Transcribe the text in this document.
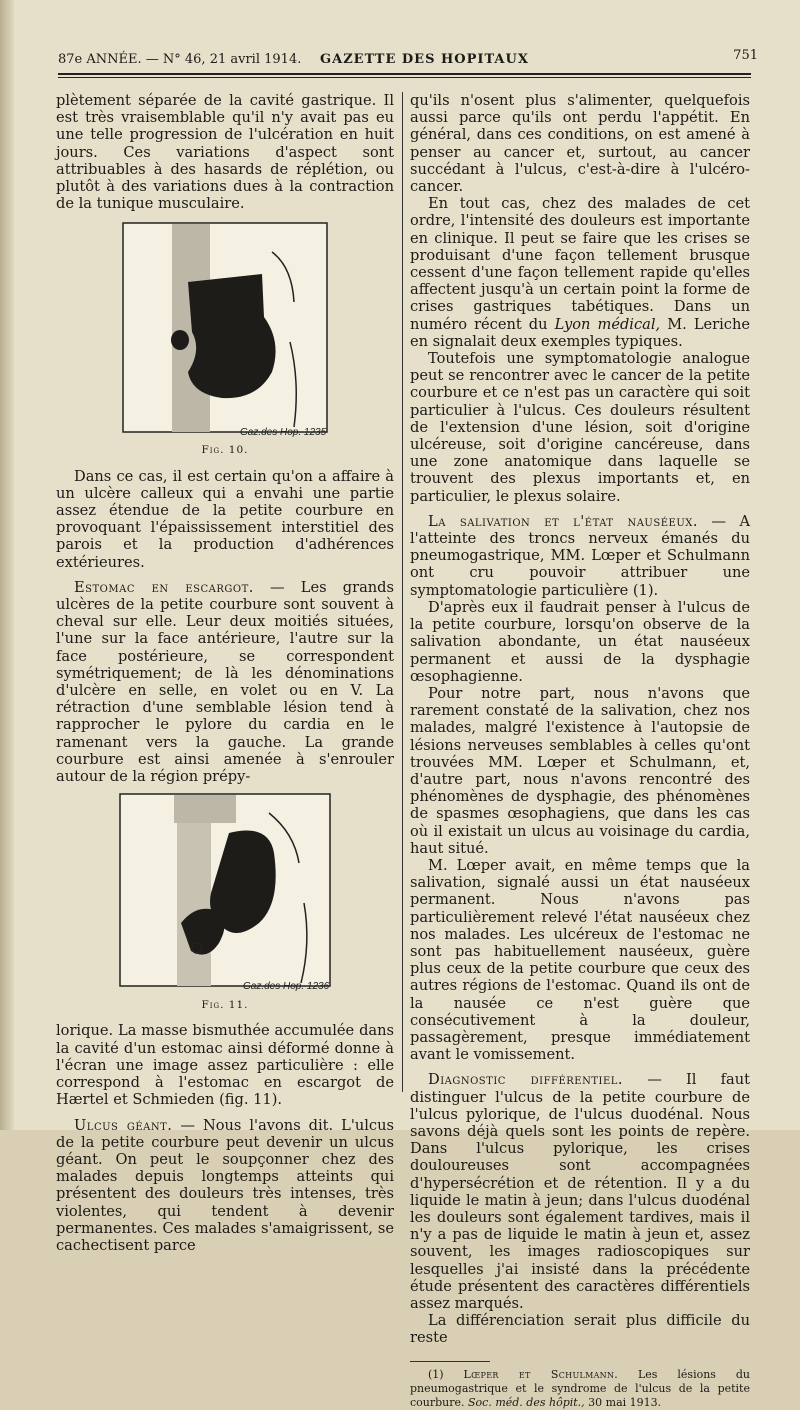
87e ANNÉE. — N° 46, 21 avril 1914. GAZETTE DES HOPITAUX	751

plètement séparée de la cavité gastrique. Il est très vraisemblable qu'il n'y avait pas eu une telle progression de l'ulcération en huit jours. Ces variations d'aspect sont attribuables à des hasards de réplétion, ou plutôt à des variations dues à la contraction de la tunique musculaire.

Gaz.des Hop. 1235
Fig. 10.

Dans ce cas, il est certain qu'on a affaire à un ulcère calleux qui a envahi une partie assez étendue de la petite courbure en provoquant l'épaississement interstitiel des parois et la production d'adhérences extérieures.

Estomac en escargot. — Les grands ulcères de la petite courbure sont souvent à cheval sur elle. Leur deux moitiés situées, l'une sur la face antérieure, l'autre sur la face postérieure, se correspondent symétriquement; de là les dénominations d'ulcère en selle, en volet ou en V. La rétraction d'une semblable lésion tend à rapprocher le pylore du cardia en le ramenant vers la gauche. La grande courbure est ainsi amenée à s'enrouler autour de la région prépy-

Gaz.des Hop. 1236
Fig. 11.

lorique. La masse bismuthée accumulée dans la cavité d'un estomac ainsi déformé donne à l'écran une image assez particulière : elle correspond à l'estomac en escargot de Hærtel et Schmieden (fig. 11).

Ulcus géant. — Nous l'avons dit. L'ulcus de la petite courbure peut devenir un ulcus géant. On peut le soupçonner chez des malades depuis longtemps atteints qui présentent des douleurs très intenses, très violentes, qui tendent à devenir permanentes. Ces malades s'amaigrissent, se cachectisent parce

qu'ils n'osent plus s'alimenter, quelquefois aussi parce qu'ils ont perdu l'appétit. En général, dans ces conditions, on est amené à penser au cancer et, surtout, au cancer succédant à l'ulcus, c'est-à-dire à l'ulcéro-cancer.

En tout cas, chez des malades de cet ordre, l'intensité des douleurs est importante en clinique. Il peut se faire que les crises se produisant d'une façon tellement brusque cessent d'une façon tellement rapide qu'elles affectent jusqu'à un certain point la forme de crises gastriques tabétiques. Dans un numéro récent du Lyon médical, M. Leriche en signalait deux exemples typiques.

Toutefois une symptomatologie analogue peut se rencontrer avec le cancer de la petite courbure et ce n'est pas un caractère qui soit particulier à l'ulcus. Ces douleurs résultent de l'extension d'une lésion, soit d'origine ulcéreuse, soit d'origine cancéreuse, dans une zone anatomique dans laquelle se trouvent des plexus importants et, en particulier, le plexus solaire.

La salivation et l'état nauséeux. — A l'atteinte des troncs nerveux émanés du pneumogastrique, MM. Lœper et Schulmann ont cru pouvoir attribuer une symptomatologie particulière (1).

D'après eux il faudrait penser à l'ulcus de la petite courbure, lorsqu'on observe de la salivation abondante, un état nauséeux permanent et aussi de la dysphagie œsophagienne.

Pour notre part, nous n'avons que rarement constaté de la salivation, chez nos malades, malgré l'existence à l'autopsie de lésions nerveuses semblables à celles qu'ont trouvées MM. Lœper et Schulmann, et, d'autre part, nous n'avons rencontré des phénomènes de dysphagie, des phénomènes de spasmes œsophagiens, que dans les cas où il existait un ulcus au voisinage du cardia, haut situé.

M. Lœper avait, en même temps que la salivation, signalé aussi un état nauséeux permanent. Nous n'avons pas particulièrement relevé l'état nauséeux chez nos malades. Les ulcéreux de l'estomac ne sont pas habituellement nauséeux, guère plus ceux de la petite courbure que ceux des autres régions de l'estomac. Quand ils ont de la nausée ce n'est guère que consécutivement à la douleur, passagèrement, presque immédiatement avant le vomissement.

Diagnostic différentiel. — Il faut distinguer l'ulcus de la petite courbure de l'ulcus pylorique, de l'ulcus duodénal. Nous savons déjà quels sont les points de repère. Dans l'ulcus pylorique, les crises douloureuses sont accompagnées d'hypersécrétion et de rétention. Il y a du liquide le matin à jeun; dans l'ulcus duodénal les douleurs sont également tardives, mais il n'y a pas de liquide le matin à jeun et, assez souvent, les images radioscopiques sur lesquelles j'ai insisté dans la précédente étude présentent des caractères différentiels assez marqués.

La différenciation serait plus difficile du reste

(1) Lœper et Schulmann. Les lésions du pneumogastrique et le syndrome de l'ulcus de la petite courbure. Soc. méd. des hôpit., 30 mai 1913.
